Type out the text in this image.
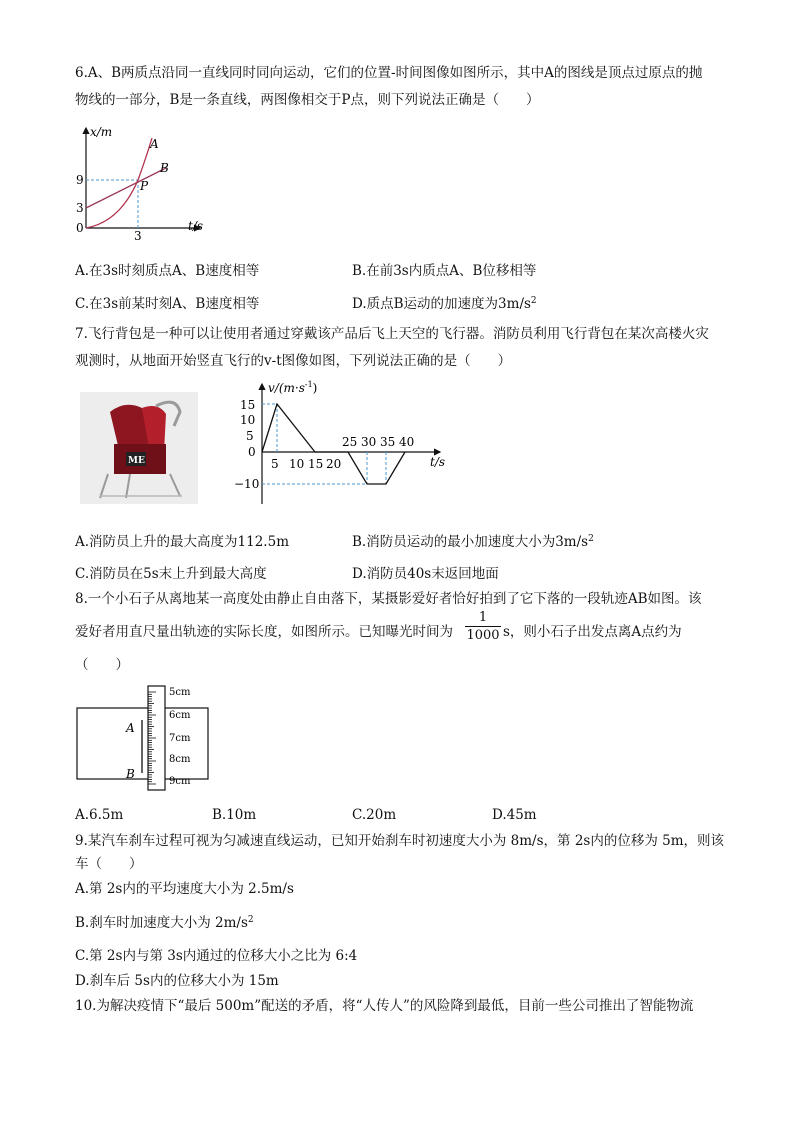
6.A、B两质点沿同一直线同时同向运动，它们的位置-时间图像如图所示，其中A的图线是顶点过原点的抛
物线的一部分，B是一条直线，两图像相交于P点，则下列说法正确是（　　）
x/m
t/s
0
9
3
3
A
B
P
A.在3s时刻质点A、B速度相等	B.在前3s内质点A、B位移相等
C.在3s前某时刻A、B速度相等	D.质点B运动的加速度为$3m/s^2$
7.飞行背包是一种可以让使用者通过穿戴该产品后飞上天空的飞行器。消防员利用飞行背包在某次高楼火灾
观测时，从地面开始竖直飞行的v-t图像如图，下列说法正确的是（　　）
ME
$v/(m\cdot s^{-1})$
t/s
0
15
10
5
−10
5 10 15 20
25 30 35 40
A.消防员上升的最大高度为112.5m	B.消防员运动的最小加速度大小为$3m/s^2$
C.消防员在5s末上升到最大高度	D.消防员40s末返回地面
8.一个小石子从离地某一高度处由静止自由落下，某摄影爱好者恰好拍到了它下落的一段轨迹AB如图。该
爱好者用直尺量出轨迹的实际长度，如图所示。已知曝光时间为 $\frac{1}{1000}$ s，则小石子出发点离A点约为
（　　）
5cm
6cm
7cm
8cm
9cm
A
B
A.6.5m	B.10m	C.20m	D.45m
9.某汽车刹车过程可视为匀减速直线运动，已知开始刹车时初速度大小为 8m/s，第 2s内的位移为 5m，则该
车（　　）
A.第 2s内的平均速度大小为 2.5m/s
B.刹车时加速度大小为 $2m/s^2$
C.第 2s内与第 3s内通过的位移大小之比为 6:4
D.刹车后 5s内的位移大小为 15m
10.为解决疫情下“最后 500m”配送的矛盾，将“人传人”的风险降到最低，目前一些公司推出了智能物流
